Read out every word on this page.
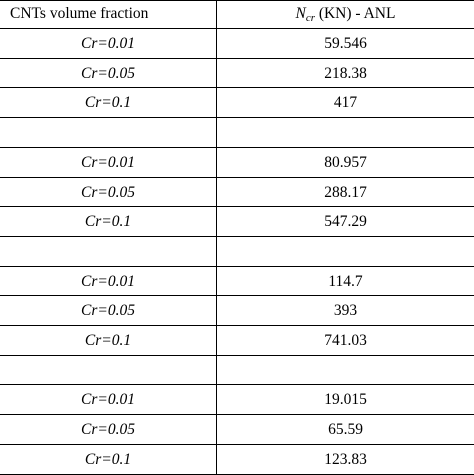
CNTs volume fraction	$N_{cr}$ (KN) - ANL
Cr=0.01	59.546
Cr=0.05	218.38
Cr=0.1	417
Cr=0.01	80.957
Cr=0.05	288.17
Cr=0.1	547.29
Cr=0.01	114.7
Cr=0.05	393
Cr=0.1	741.03
Cr=0.01	19.015
Cr=0.05	65.59
Cr=0.1	123.83
